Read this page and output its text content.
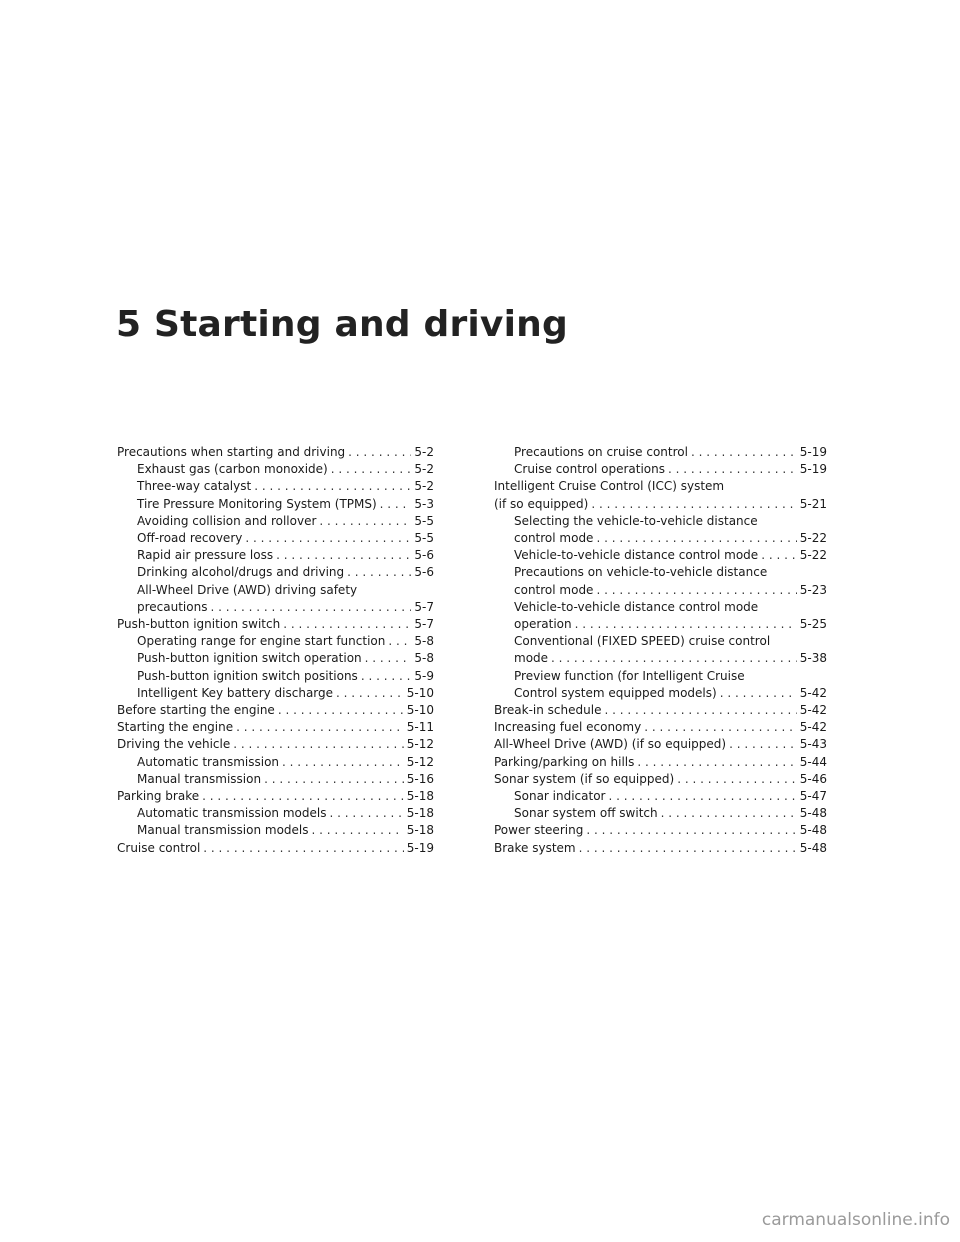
5 Starting and driving
Precautions when starting and driving . . .	5-2
Exhaust gas (carbon monoxide) . . .	5-2
Three-way catalyst . . .	5-2
Tire Pressure Monitoring System (TPMS) . . .	5-3
Avoiding collision and rollover . . .	5-5
Off-road recovery . . .	5-5
Rapid air pressure loss . . .	5-6
Drinking alcohol/drugs and driving . . .	5-6
All-Wheel Drive (AWD) driving safety
precautions . . .	5-7
Push-button ignition switch . . .	5-7
Operating range for engine start function . . . 5-8
Push-button ignition switch operation . . .	5-8
Push-button ignition switch positions . . .	5-9
Intelligent Key battery discharge . . .	5-10
Before starting the engine . . .	5-10
Starting the engine . . .	5-11
Driving the vehicle . . .	5-12
Automatic transmission . . .	5-12
Manual transmission . . .	5-16
Parking brake . . .	5-18
Automatic transmission models . . .	5-18
Manual transmission models . . .	5-18
Cruise control . . .	5-19
Precautions on cruise control . . .	5-19
Cruise control operations . . .	5-19
Intelligent Cruise Control (ICC) system
(if so equipped) . . .	5-21
Selecting the vehicle-to-vehicle distance
control mode . . .	5-22
Vehicle-to-vehicle distance control mode . . .	5-22
Precautions on vehicle-to-vehicle distance
control mode . . .	5-23
Vehicle-to-vehicle distance control mode
operation . . .	5-25
Conventional (FIXED SPEED) cruise control
mode . . .	5-38
Preview function (for Intelligent Cruise
Control system equipped models) . . .	5-42
Break-in schedule . . .	5-42
Increasing fuel economy . . .	5-42
All-Wheel Drive (AWD) (if so equipped) . . .	5-43
Parking/parking on hills . . .	5-44
Sonar system (if so equipped) . . .	5-46
Sonar indicator . . .	5-47
Sonar system off switch . . .	5-48
Power steering . . .	5-48
Brake system . . .	5-48
carmanualsonline.info
